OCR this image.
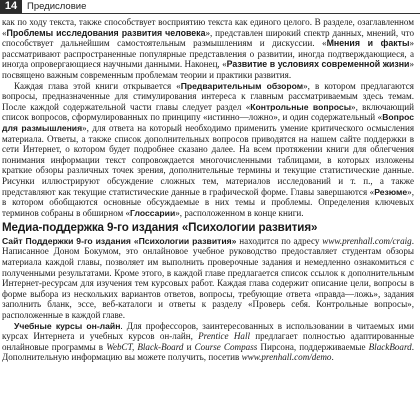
14	Предисловие

как по ходу текста, также способствует восприятию текста как единого целого. В разделе, озаглавленном «Проблемы исследования развития человека», представлен широкий спектр данных, мнений, что способствует дальнейшим самостоятельным размышлениям и дискуссии. «Мнения и факты» рассматривают распространенные популярные представления о развитии, иногда подтверждающиеся, а иногда опровергающиеся научными данными. Наконец, «Развитие в условиях современной жизни» посвящено важным современным проблемам теории и практики развития.

Каждая глава этой книги открывается «Предварительным обзором», в котором предлагаются вопросы, предназначенные для стимулирования интереса к главным рассматриваемым здесь темам. После каждой содержательной части главы следует раздел «Контрольные вопросы», включающий список вопросов, сформулированных по принципу «истинно—ложно», и один содержательный «Вопрос для размышления», для ответа на который необходимо применить умение критического осмысления материала. Ответы, а также список дополнительных вопросов приводятся на нашем сайте поддержки в сети Интернет, о котором будет подробнее сказано далее. На всем протяжении книги для облегчения понимания информации текст сопровождается многочисленными таблицами, в которых изложены краткие обзоры различных точек зрения, дополнительные термины и текущие статистические данные. Рисунки иллюстрируют обсуждение сложных тем, материалов исследований и т. п., а также представляют как текущие статистические данные в графической форме. Главы завершаются «Резюме», в котором обобщаются основные обсуждаемые в них темы и проблемы. Определения ключевых терминов собраны в обширном «Глоссарии», расположенном в конце книги.

Медиа-поддержка 9-го издания «Психологии развития»

Сайт Поддержки 9-го издания «Психологии развития» находится по адресу www.prenhall.com/craig. Написанное Доном Бокумом, это онлайновое учебное руководство предоставляет студентам обзоры материала каждой главы, позволяет им выполнить проверочные задания и немедленно ознакомиться с полученными результатами. Кроме этого, в каждой главе предлагается список ссылок к дополнительным Интернет-ресурсам для изучения тем курсовых работ. Каждая глава содержит описание цели, вопросы в форме выбора из нескольких вариантов ответов, вопросы, требующие ответа «правда—ложь», задания заполнить бланк, эссе, веб-каталоги и ответы к разделу «Проверь себя. Контрольные вопросы», расположенные в каждой главе.

Учебные курсы он-лайн. Для профессоров, заинтересованных в использовании в читаемых ими курсах Интернета и учебных курсов он-лайн, Prentice Hall предлагает полностью адаптированные онлайновые программы в WebCT, Black-Board и Course Compass Пирсона, поддерживаемые BlackBoard. Дополнительную информацию вы можете получить, посетив www.prenhall.com/demo.
